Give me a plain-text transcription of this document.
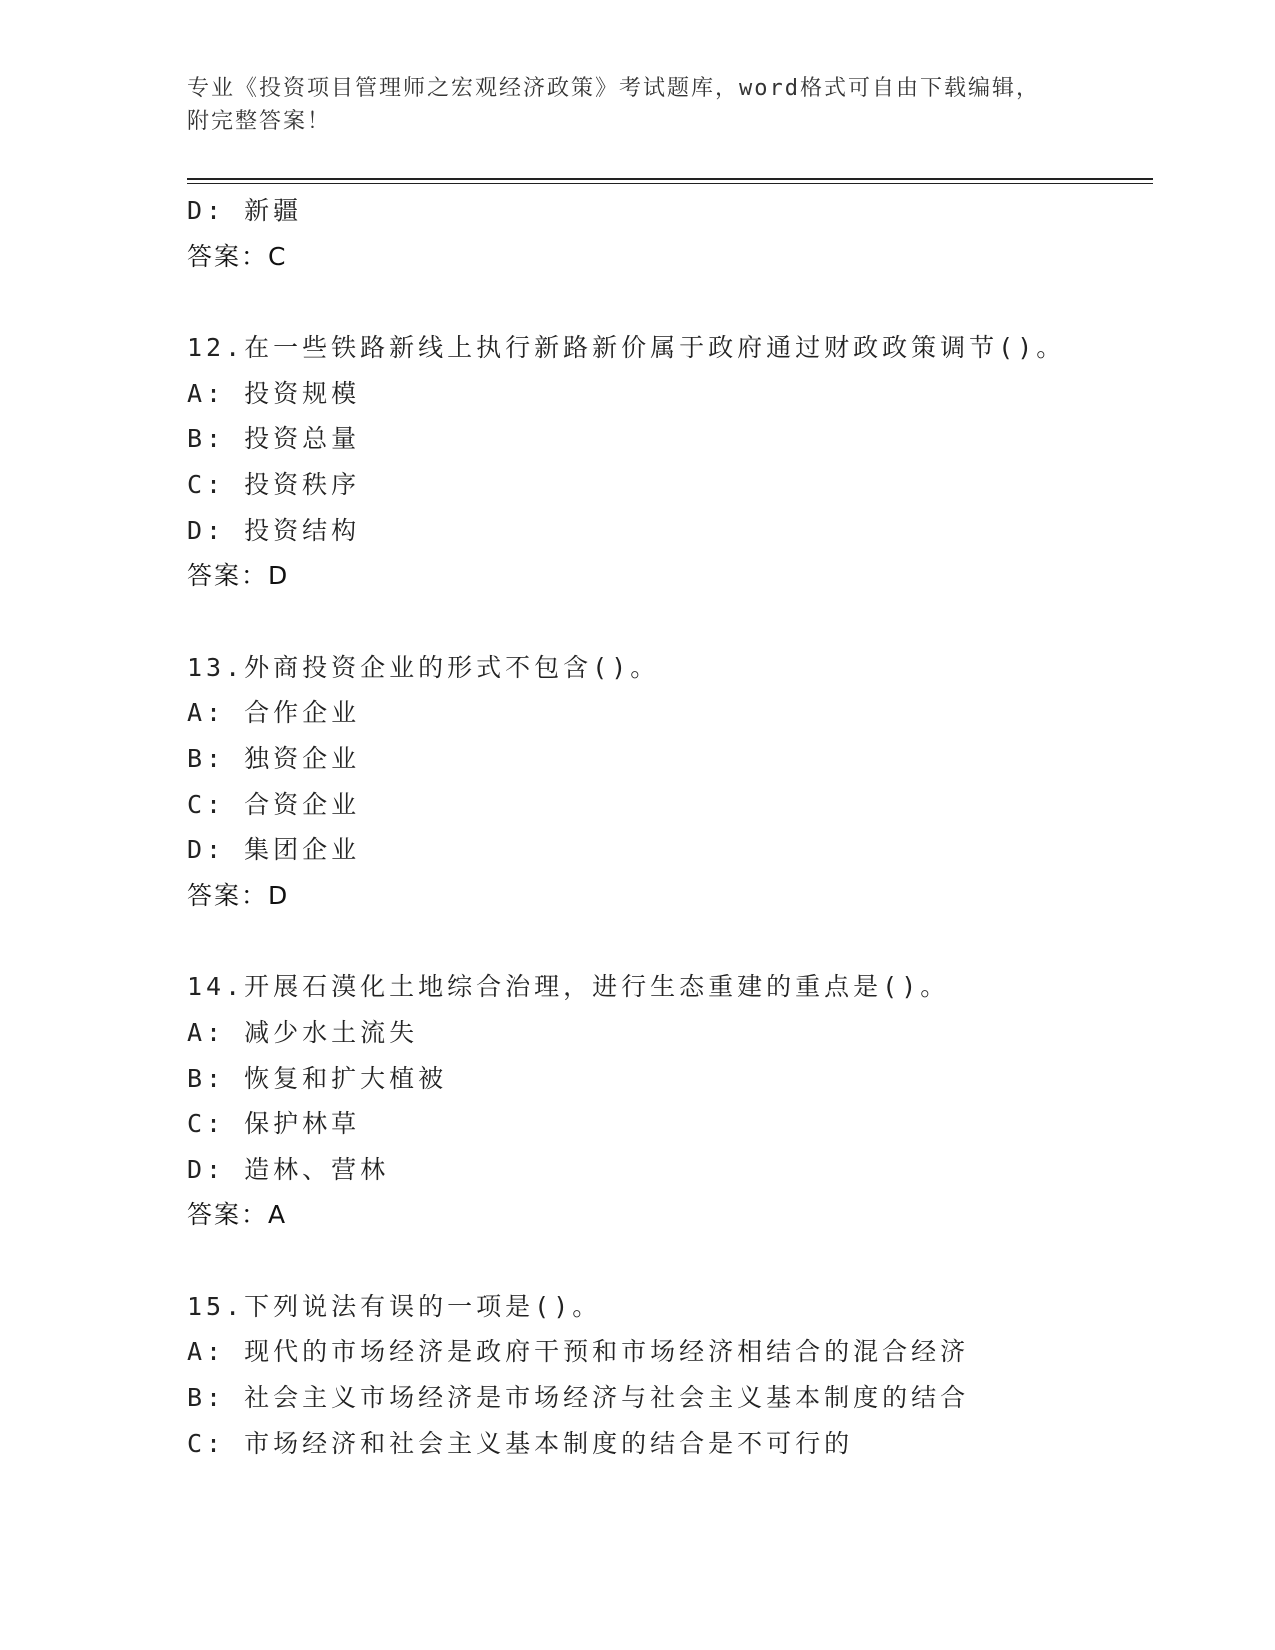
专业《投资项目管理师之宏观经济政策》考试题库，word格式可自由下载编辑，
附完整答案！
D: 新疆
答案：C
12.在一些铁路新线上执行新路新价属于政府通过财政政策调节()。
A: 投资规模
B: 投资总量
C: 投资秩序
D: 投资结构
答案：D
13.外商投资企业的形式不包含()。
A: 合作企业
B: 独资企业
C: 合资企业
D: 集团企业
答案：D
14.开展石漠化土地综合治理，进行生态重建的重点是()。
A: 减少水土流失
B: 恢复和扩大植被
C: 保护林草
D: 造林、营林
答案：A
15.下列说法有误的一项是()。
A: 现代的市场经济是政府干预和市场经济相结合的混合经济
B: 社会主义市场经济是市场经济与社会主义基本制度的结合
C: 市场经济和社会主义基本制度的结合是不可行的
